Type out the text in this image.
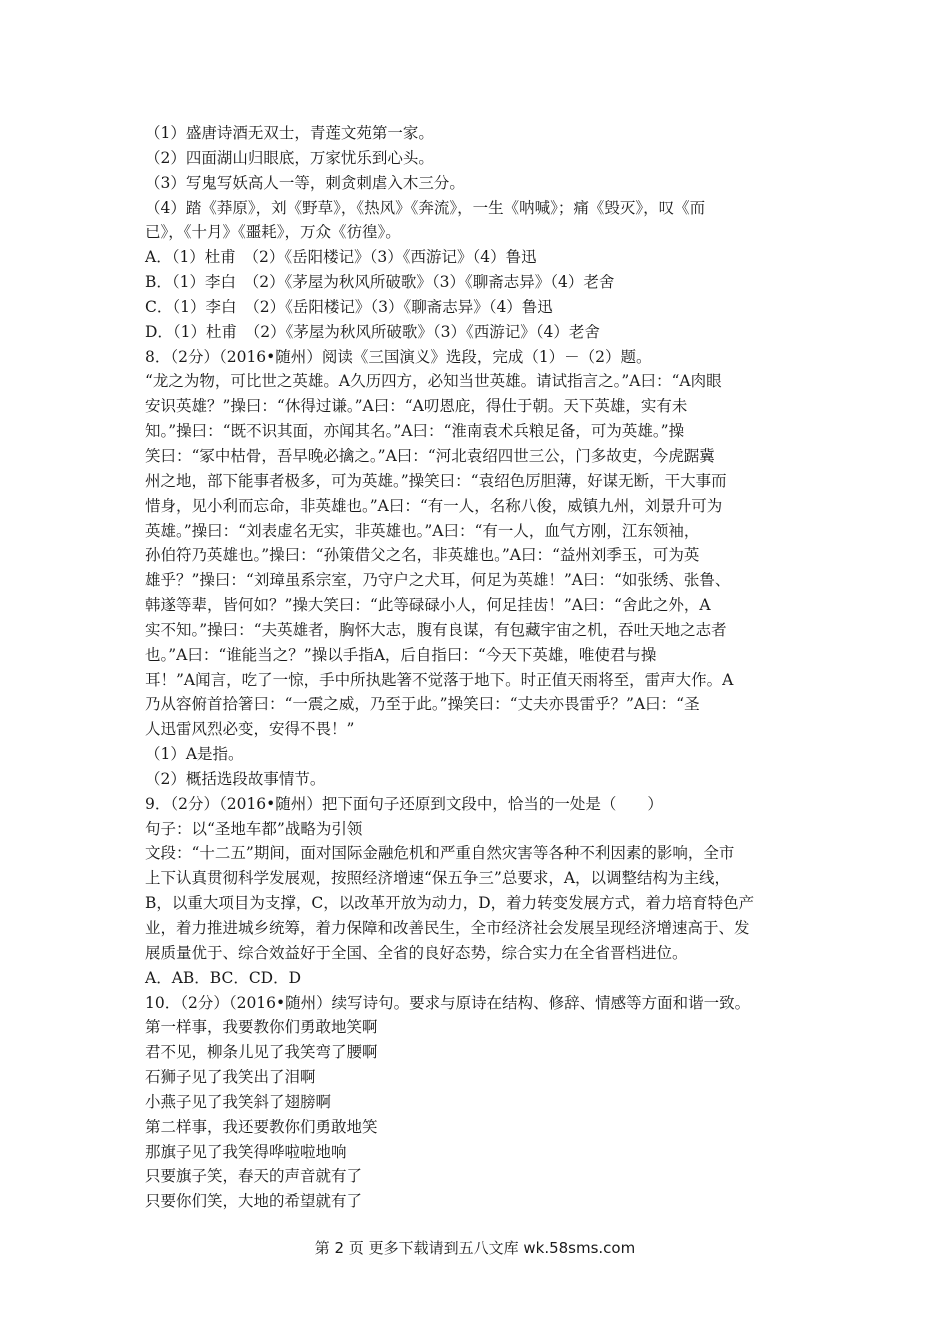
（1）盛唐诗酒无双士，青莲文苑第一家。
（2）四面湖山归眼底，万家忧乐到心头。
（3）写鬼写妖高人一等，刺贪刺虐入木三分。
（4）踏《莽原》，刘《野草》，《热风》《奔流》，一生《呐喊》；痛《毁灭》，叹《而
已》，《十月》《噩耗》，万众《彷徨》。
A．（1）杜甫　（2）《岳阳楼记》（3）《西游记》（4）鲁迅
B．（1）李白　（2）《茅屋为秋风所破歌》（3）《聊斋志异》（4）老舍
C．（1）李白　（2）《岳阳楼记》（3）《聊斋志异》（4）鲁迅
D．（1）杜甫　（2）《茅屋为秋风所破歌》（3）《西游记》（4）老舍
8．（2分）（2016•随州）阅读《三国演义》选段，完成（1）－（2）题。
“龙之为物，可比世之英雄。A久历四方，必知当世英雄。请试指言之。”A曰：“A肉眼
安识英雄？”操曰：“休得过谦。”A曰：“A叨恩庇，得仕于朝。天下英雄，实有未
知。”操曰：“既不识其面，亦闻其名。”A曰：“淮南袁术兵粮足备，可为英雄。”操
笑曰：“冢中枯骨，吾早晚必擒之。”A曰：“河北袁绍四世三公，门多故吏，今虎踞冀
州之地，部下能事者极多，可为英雄。”操笑曰：“袁绍色厉胆薄，好谋无断，干大事而
惜身，见小利而忘命，非英雄也。”A曰：“有一人，名称八俊，威镇九州，刘景升可为
英雄。”操曰：“刘表虚名无实，非英雄也。”A曰：“有一人，血气方刚，江东领袖，
孙伯符乃英雄也。”操曰：“孙策借父之名，非英雄也。”A曰：“益州刘季玉，可为英
雄乎？”操曰：“刘璋虽系宗室，乃守户之犬耳，何足为英雄！”A曰：“如张绣、张鲁、
韩遂等辈，皆何如？”操大笑曰：“此等碌碌小人，何足挂齿！”A曰：“舍此之外，A
实不知。”操曰：“夫英雄者，胸怀大志，腹有良谋，有包藏宇宙之机，吞吐天地之志者
也。”A曰：“谁能当之？”操以手指A，后自指曰：“今天下英雄，唯使君与操
耳！”A闻言，吃了一惊，手中所执匙箸不觉落于地下。时正值天雨将至，雷声大作。A
乃从容俯首拾箸曰：“一震之威，乃至于此。”操笑曰：“丈夫亦畏雷乎？”A曰：“圣
人迅雷风烈必变，安得不畏！”
（1）A是指。
（2）概括选段故事情节。
9．（2分）（2016•随州）把下面句子还原到文段中，恰当的一处是（　　）
句子：以“圣地车都”战略为引领
文段：“十二五”期间，面对国际金融危机和严重自然灾害等各种不利因素的影响，全市
上下认真贯彻科学发展观，按照经济增速“保五争三”总要求，A，以调整结构为主线，
B，以重大项目为支撑，C，以改革开放为动力，D，着力转变发展方式，着力培育特色产
业，着力推进城乡统筹，着力保障和改善民生，全市经济社会发展呈现经济增速高于、发
展质量优于、综合效益好于全国、全省的良好态势，综合实力在全省晋档进位。
A．AB．BC．CD．D
10．（2分）（2016•随州）续写诗句。要求与原诗在结构、修辞、情感等方面和谐一致。
第一样事，我要教你们勇敢地笑啊
君不见，柳条儿见了我笑弯了腰啊
石狮子见了我笑出了泪啊
小燕子见了我笑斜了翅膀啊
第二样事，我还要教你们勇敢地笑
那旗子见了我笑得哗啦啦地响
只要旗子笑，春天的声音就有了
只要你们笑，大地的希望就有了
第 2 页 更多下载请到五八文库 wk.58sms.com
